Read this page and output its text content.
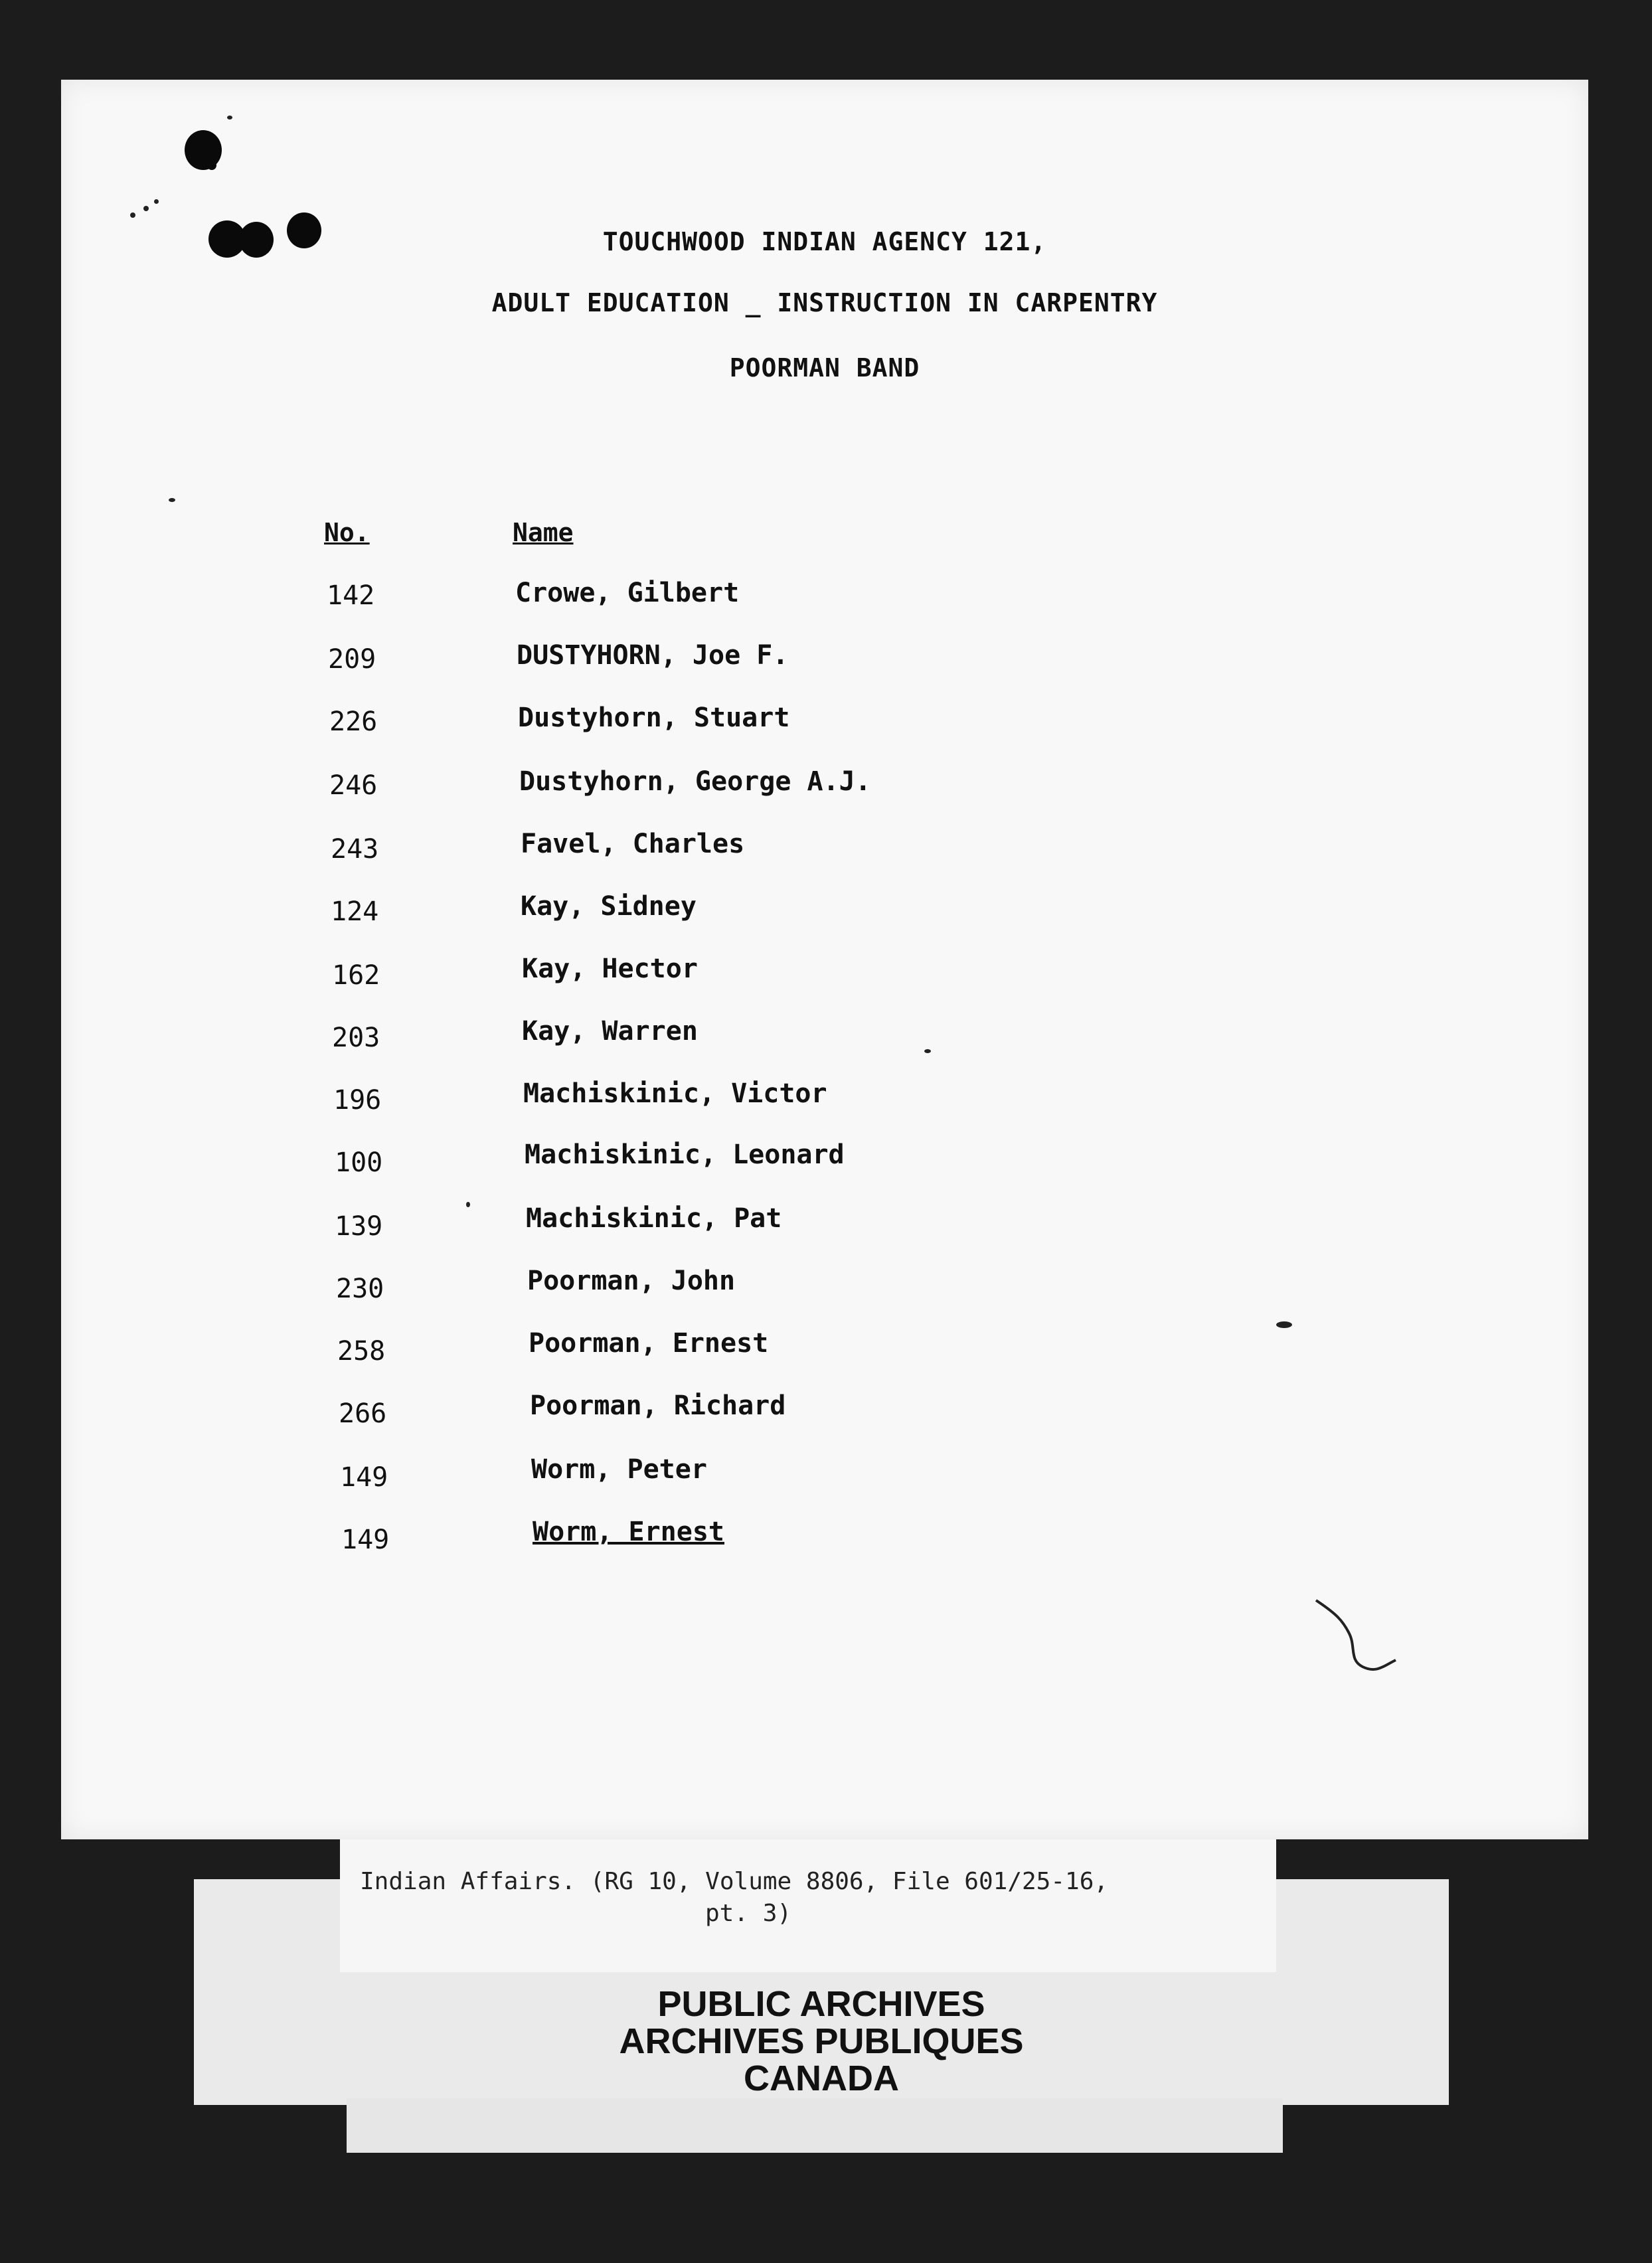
TOUCHWOOD INDIAN AGENCY 121,
ADULT EDUCATION _ INSTRUCTION IN CARPENTRY
POORMAN BAND
No.	Name
142	Crowe, Gilbert
209	DUSTYHORN, Joe F.
226	Dustyhorn, Stuart
246	Dustyhorn, George A.J.
243	Favel, Charles
124	Kay, Sidney
162	Kay, Hector
203	Kay, Warren
196	Machiskinic, Victor
100	Machiskinic, Leonard
139	Machiskinic, Pat
230	Poorman, John
258	Poorman, Ernest
266	Poorman, Richard
149	Worm, Peter
149	Worm, Ernest
Indian Affairs. (RG 10, Volume 8806, File 601/25-16,
pt. 3)
PUBLIC ARCHIVES
ARCHIVES PUBLIQUES
CANADA
